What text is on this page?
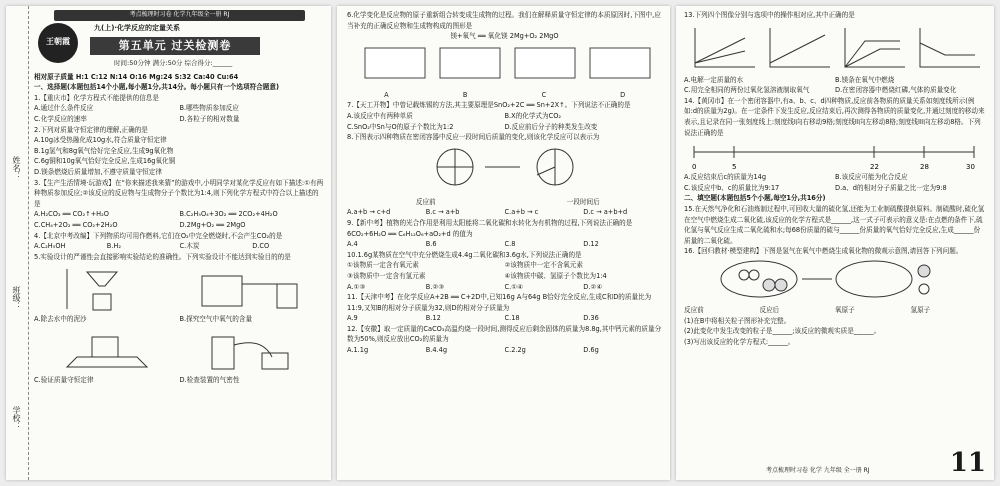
姓名：
班级：
学校：
考点梳理时习卷 化学九年级全一册 RJ
王朝霞
九(上)·化学反应的定量关系
第五单元 过关检测卷
时间:50分钟 满分:50分 综合得分:______
相对原子质量 H:1 C:12 N:14 O:16 Mg:24 S:32 Ca:40 Cu:64
一、选择题(本题包括14个小题,每小题1分,共14分。每小题只有一个选项符合题意)
1.【重庆市】化学方程式不能提供的信息是
A.通过什么条件反应	B.哪些物质参加反应
C.化学反应的速率	D.各粒子的相对数量
2.下列对质量守恒定律的理解,正确的是
A.10g冰受热融化成10g水,符合质量守恒定律
B.1g氢气和8g氧气恰好完全反应,生成9g氧化物
C.6g铜和10g氧气恰好完全反应,生成16g氧化铜
D.镁条燃烧后质量增加,不遵守质量守恒定律
3.【生产生活情境·玩游戏】在“你来描述我来猜”的游戏中,小明同学对某化学反应有如下描述:①有两种物质参加反应;②该反应的反应物与生成物分子个数比为1:4,则下列化学方程式中符合以上描述的是
A.H₂CO₃ ══ CO₂↑+H₂O	B.C₂H₅O₄+3O₂ ══ 2CO₂+4H₂O
C.CH₄+2O₂ ══ CO₂+2H₂O	D.2Mg+O₂ ══ 2MgO
4.【北京中考改编】下列物质均可用作燃料,它们在O₂中完全燃烧时,不会产生CO₂的是
A.C₂H₅OH	B.H₂	C.木炭	D.CO
5.实验设计的严谨性会直接影响实验结论的准确性。下列实验设计不能达到实验目的的是
A.除去水中的泥沙	B.探究空气中氧气的含量
C.验证质量守恒定律	D.检查装置的气密性
6.化学变化是反应物的原子重新组合转变成生成物的过程。我们在解释质量守恒定律的本质原因时,下图中,应当补充的正确反应物和生成物构成的图形是
镁+氧气 ══ 氧化镁 2Mg+O₂ 2MgO
A	B	C	D
7.【天工开物】中曾记载炼锡的方法,其主要原理是SnO₂+2C ══ Sn+2X↑。下列说法不正确的是
A.该反应中有两种单质	B.X的化学式为CO₂
C.SnO₂中Sn与O的原子个数比为1:2	D.反应前后分子的种类发生改变
8.下图表示四种物质在密闭容器中反应一段时间后质量的变化,则该化学反应可以表示为
反应前	一段时间后
A.a+b → c+d	B.c → a+b	C.a+b → c	D.c → a+b+d
9.【新中考】植物的光合作用是利用太阳能将二氧化碳和水转化为有机物的过程,下列说法正确的是
6CO₂+6H₂O ══ C₆H₁₂O₆+aO₂+d 的值为
A.4	B.6	C.8	D.12
10.1.6g某物质在空气中充分燃烧生成4.4g二氧化碳和3.6g水,下列说法正确的是
①该物质一定含有氧元素	②该物质中一定不含氧元素
③该物质中一定含有氢元素	④该物质中碳、氢原子个数比为1:4
A.①③	B.②③	C.①④	D.②④
11.【天津中考】在化学反应A+2B ══ C+2D中,已知16g A与64g B恰好完全反应,生成C和D的质量比为11:9,又知B的相对分子质量为32,则D的相对分子质量为
A.9	B.12	C.18	D.36
12.【安徽】取一定质量的CaCO₃高温灼烧一段时间,测得反应后剩余固体的质量为8.8g,其中钙元素的质量分数为50%,则反应放出CO₂的质量为
A.1.1g	B.4.4g	C.2.2g	D.6g
13.下列四个图像分别与选项中的操作相对应,其中正确的是
A.电解一定质量的水	B.镁条在氧气中燃烧
C.用完全相同的两份过氧化氢溶液制取氧气	D.在密闭容器中燃烧红磷,气体的质量变化
14.【黄冈市】在一个密闭容器中,有a、b、c、d四种物质,反应前各物质的质量关系如刻度线所示(例如:d的质量为2g)。在一定条件下发生反应,反应结束后,再次测得各物质的质量变化,并通过刻度的移动来表示,且记录在同一张刻度线上:刻度线I向右移动9格;刻度线II向左移动8格;刻度线III向左移动8格。下列说法正确的是
0	5	22	28	30
A.反应结束后c的质量为14g	B.该反应可能为化合反应
C.该反应中b、c的质量比为9:17	D.a、d的相对分子质量之比一定为9:8
二、填空题(本题包括5个小题,每空1分,共16分)
15.在天然气净化和石油炼制过程中,可回收大量的硫化氢,还能为工业制硫酸提供原料。制硫酸时,硫化氢在空气中燃烧生成二氧化硫,该反应的化学方程式是______,这一式子可表示的意义是:在点燃的条件下,硫化氢与氧气反应生成二氧化硫和水;每68份质量的硫与______份质量的氧气恰好完全反应,生成______份质量的二氧化硫。
16.【回归教材·模型建构】下图是氢气在氧气中燃烧生成氧化物的微观示意图,请回答下列问题。
反应前	反应后	氧原子	氢原子
(1)在B中将相关粒子图形补充完整。
(2)此变化中发生改变的粒子是______;该反应的微观实质是______。
(3)写出该反应的化学方程式:______。
考点梳理时习卷 化学 九年级 全一册 RJ	11
